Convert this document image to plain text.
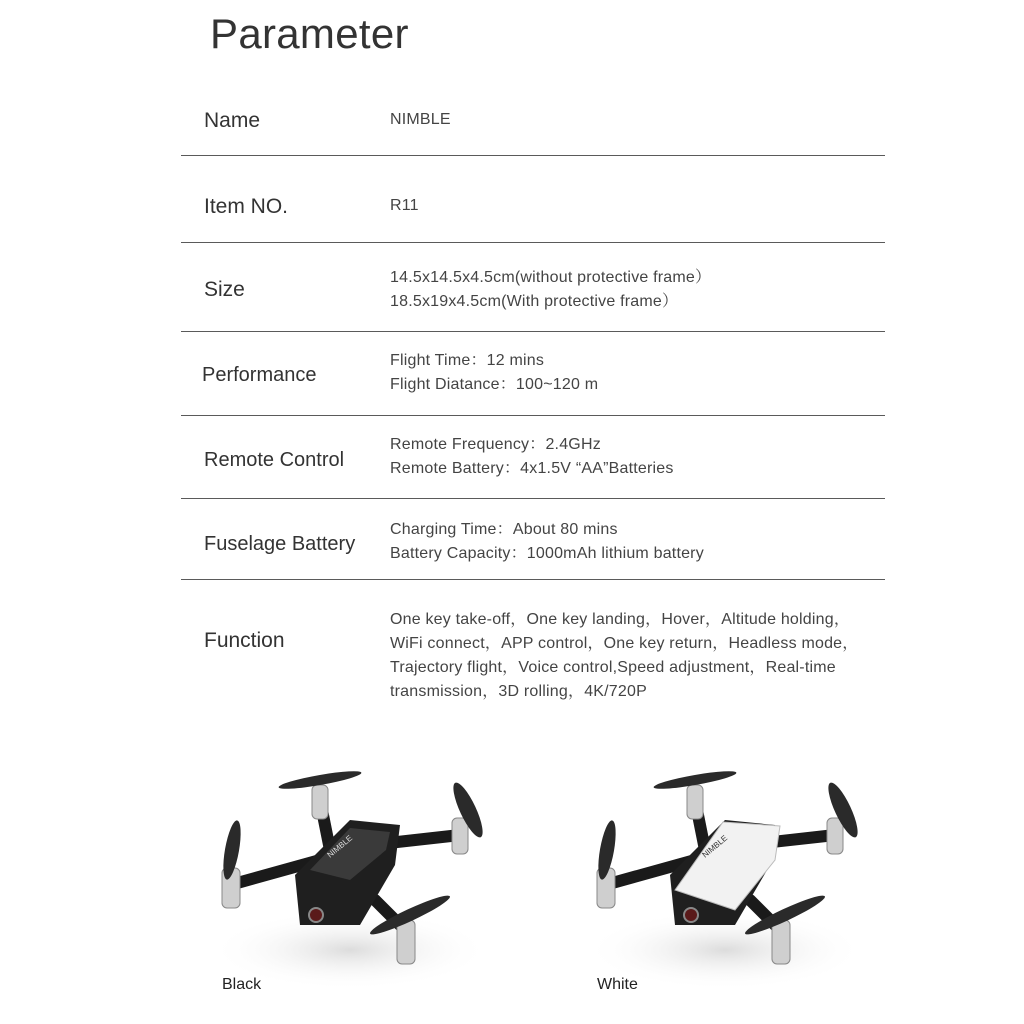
Parameter
Name	NIMBLE
Item NO.	R11
Size
14.5x14.5x4.5cm(without protective frame）
18.5x19x4.5cm(With protective frame）
Performance
Flight Time：12 mins
Flight Diatance：100~120 m
Remote Control
Remote Frequency：2.4GHz
Remote Battery：4x1.5V “AA”Batteries
Fuselage Battery
Charging Time：About 80 mins
Battery Capacity：1000mAh lithium battery
Function
One key take-off，One key landing，Hover，Altitude holding，
WiFi connect，APP control，One key return，Headless mode，
Trajectory flight，Voice control,Speed adjustment，Real-time
transmission，3D rolling，4K/720P
NIMBLE
Black
NIMBLE
White
